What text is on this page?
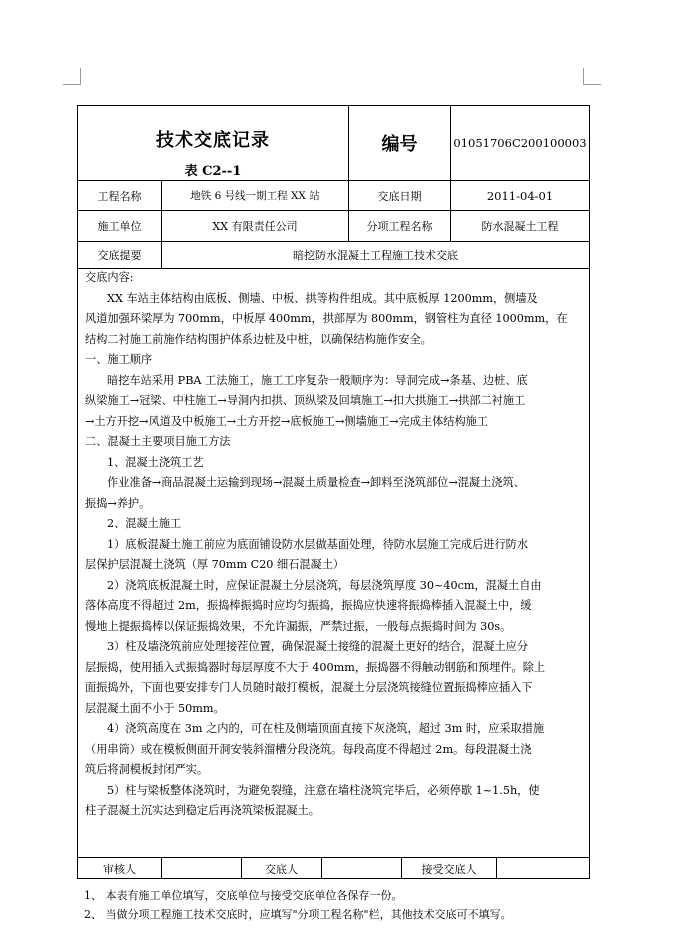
技术交底记录
表 C2--1
编号	01051706C200100003
工程名称	地铁 6 号线一期工程 XX 站	交底日期	2011-04-01
施工单位	XX 有限责任公司	分项工程名称	防水混凝土工程
交底提要	暗挖防水混凝土工程施工技术交底

交底内容:

XX 车站主体结构由底板、侧墙、中板、拱等构件组成。其中底板厚 1200mm，侧墙及

风道加强环梁厚为 700mm，中板厚 400mm，拱部厚为 800mm，钢管柱为直径 1000mm，在

结构二衬施工前施作结构围护体系边桩及中桩，以确保结构施作安全。

一、施工顺序

暗挖车站采用 PBA 工法施工，施工工序复杂一般顺序为：导洞完成→条基、边桩、底

纵梁施工→冠梁、中柱施工→导洞内扣拱、顶纵梁及回填施工→扣大拱施工→拱部二衬施工

→土方开挖→风道及中板施工→土方开挖→底板施工→侧墙施工→完成主体结构施工

二、混凝土主要项目施工方法

1、混凝土浇筑工艺

作业准备→商品混凝土运输到现场→混凝土质量检查→卸料至浇筑部位→混凝土浇筑、

振捣→养护。

2、混凝土施工

1）底板混凝土施工前应为底面铺设防水层做基面处理，待防水层施工完成后进行防水

层保护层混凝土浇筑（厚 70mm C20 细石混凝土）

2）浇筑底板混凝土时，应保证混凝土分层浇筑，每层浇筑厚度 30~40cm，混凝土自由

落体高度不得超过 2m，振捣棒振捣时应均匀振捣，振捣应快速将振捣棒插入混凝土中，缓

慢地上提振捣棒以保证振捣效果，不允许漏振，严禁过振，一般每点振捣时间为 30s。

3）柱及墙浇筑前应处理接茬位置，确保混凝土接缝的混凝土更好的结合，混凝土应分

层振捣，使用插入式振捣器时每层厚度不大于 400mm，振捣器不得触动钢筋和预埋件。除上

面振捣外，下面也要安排专门人员随时敲打模板，混凝土分层浇筑接缝位置振捣棒应插入下

层混凝土面不小于 50mm。

4）浇筑高度在 3m 之内的，可在柱及侧墙顶面直接下灰浇筑，超过 3m 时，应采取措施

（用串筒）或在模板侧面开洞安装斜溜槽分段浇筑。每段高度不得超过 2m。每段混凝土浇

筑后将洞模板封闭严实。

5）柱与梁板整体浇筑时，为避免裂缝，注意在墙柱浇筑完毕后，必须停歇 1~1.5h，使

柱子混凝土沉实达到稳定后再浇筑梁板混凝土。

审核人	交底人	接受交底人

1、 本表有施工单位填写，交底单位与接受交底单位各保存一份。

2、 当做分项工程施工技术交底时，应填写"分项工程名称"栏，其他技术交底可不填写。
